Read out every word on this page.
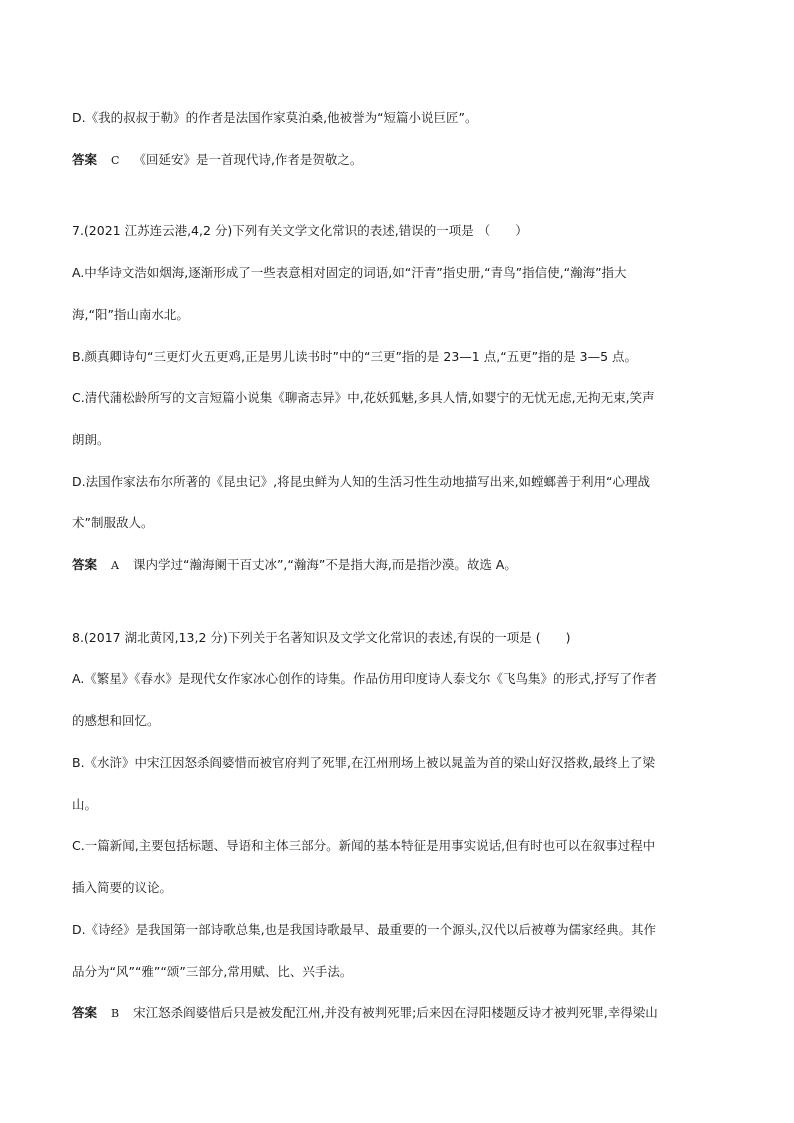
D.《我的叔叔于勒》的作者是法国作家莫泊桑,他被誉为“短篇小说巨匠”。
答案 C 《回延安》是一首现代诗,作者是贺敬之。
7.(2021 江苏连云港,4,2 分)下列有关文学文化常识的表述,错误的一项是 （　　）
A.中华诗文浩如烟海,逐渐形成了一些表意相对固定的词语,如“汗青”指史册,“青鸟”指信使,“瀚海”指大
海,“阳”指山南水北。
B.颜真卿诗句“三更灯火五更鸡,正是男儿读书时”中的“三更”指的是 23—1 点,“五更”指的是 3—5 点。
C.清代蒲松龄所写的文言短篇小说集《聊斋志异》中,花妖狐魅,多具人情,如婴宁的无忧无虑,无拘无束,笑声
朗朗。
D.法国作家法布尔所著的《昆虫记》,将昆虫鲜为人知的生活习性生动地描写出来,如螳螂善于利用“心理战
术”制服敌人。
答案 A 课内学过“瀚海阑干百丈冰”,“瀚海”不是指大海,而是指沙漠。故选 A。
8.(2017 湖北黄冈,13,2 分)下列关于名著知识及文学文化常识的表述,有误的一项是 (　　)
A.《繁星》《春水》是现代女作家冰心创作的诗集。作品仿用印度诗人泰戈尔《飞鸟集》的形式,抒写了作者
的感想和回忆。
B.《水浒》中宋江因怒杀阎婆惜而被官府判了死罪,在江州刑场上被以晁盖为首的梁山好汉搭救,最终上了梁
山。
C.一篇新闻,主要包括标题、导语和主体三部分。新闻的基本特征是用事实说话,但有时也可以在叙事过程中
插入简要的议论。
D.《诗经》是我国第一部诗歌总集,也是我国诗歌最早、最重要的一个源头,汉代以后被尊为儒家经典。其作
品分为“风”“雅”“颂”三部分,常用赋、比、兴手法。
答案 B 宋江怒杀阎婆惜后只是被发配江州,并没有被判死罪;后来因在浔阳楼题反诗才被判死罪,幸得梁山
